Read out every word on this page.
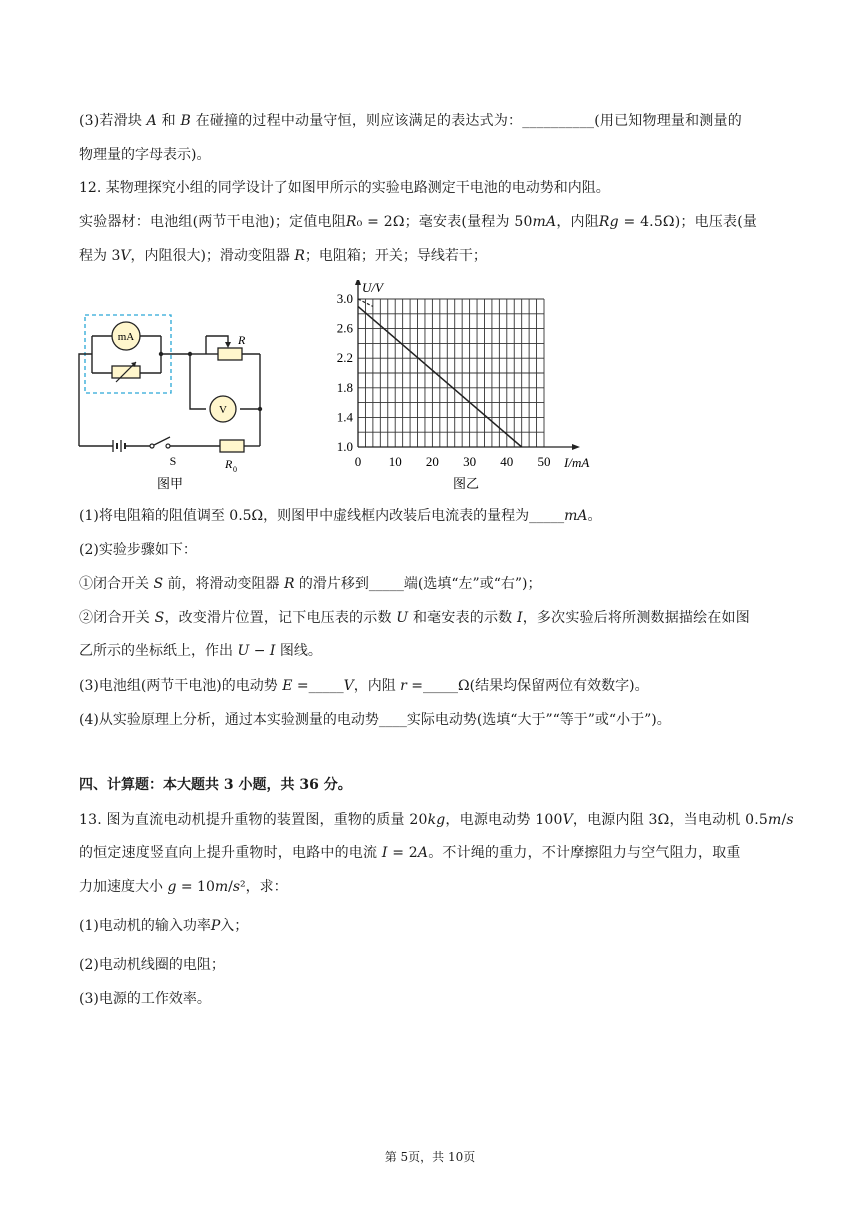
(3)若滑块 𝐴 和 𝐵 在碰撞的过程中动量守恒，则应该满足的表达式为：__________(用已知物理量和测量的
物理量的字母表示)。
12. 某物理探究小组的同学设计了如图甲所示的实验电路测定干电池的电动势和内阻。
实验器材：电池组(两节干电池)；定值电阻𝑅₀ = 2Ω；毫安表(量程为 50𝑚𝐴，内阻𝑅𝑔 = 4.5Ω)；电压表(量
程为 3𝑉，内阻很大)；滑动变阻器 𝑅；电阻箱；开关；导线若干；
mA	R
V
S	R 0
图甲
0 10 20 30 40 50
1.0
1.4
1.8
2.2
2.6
3.0
I/mA
U/V
图乙
(1)将电阻箱的阻值调至 0.5Ω，则图甲中虚线框内改装后电流表的量程为_____𝑚𝐴。
(2)实验步骤如下：
①闭合开关 𝑆 前，将滑动变阻器 𝑅 的滑片移到_____端(选填“左”或“右”)；
②闭合开关 𝑆，改变滑片位置，记下电压表的示数 𝑈 和毫安表的示数 𝐼，多次实验后将所测数据描绘在如图
乙所示的坐标纸上，作出 𝑈 − 𝐼 图线。
(3)电池组(两节干电池)的电动势 𝐸 =_____𝑉，内阻 𝑟 =_____Ω(结果均保留两位有效数字)。
(4)从实验原理上分析，通过本实验测量的电动势____实际电动势(选填“大于”“等于”或“小于”)。
四、计算题：本大题共 3 小题，共 36 分。
13. 图为直流电动机提升重物的装置图，重物的质量 20𝑘𝑔，电源电动势 100𝑉，电源内阻 3Ω，当电动机 0.5𝑚/𝑠
的恒定速度竖直向上提升重物时，电路中的电流 𝐼 = 2𝐴。不计绳的重力，不计摩擦阻力与空气阻力，取重
力加速度大小 𝑔 = 10𝑚/𝑠²，求：
(1)电动机的输入功率𝑃入；
(2)电动机线圈的电阻；
(3)电源的工作效率。
第 5页，共 10页
